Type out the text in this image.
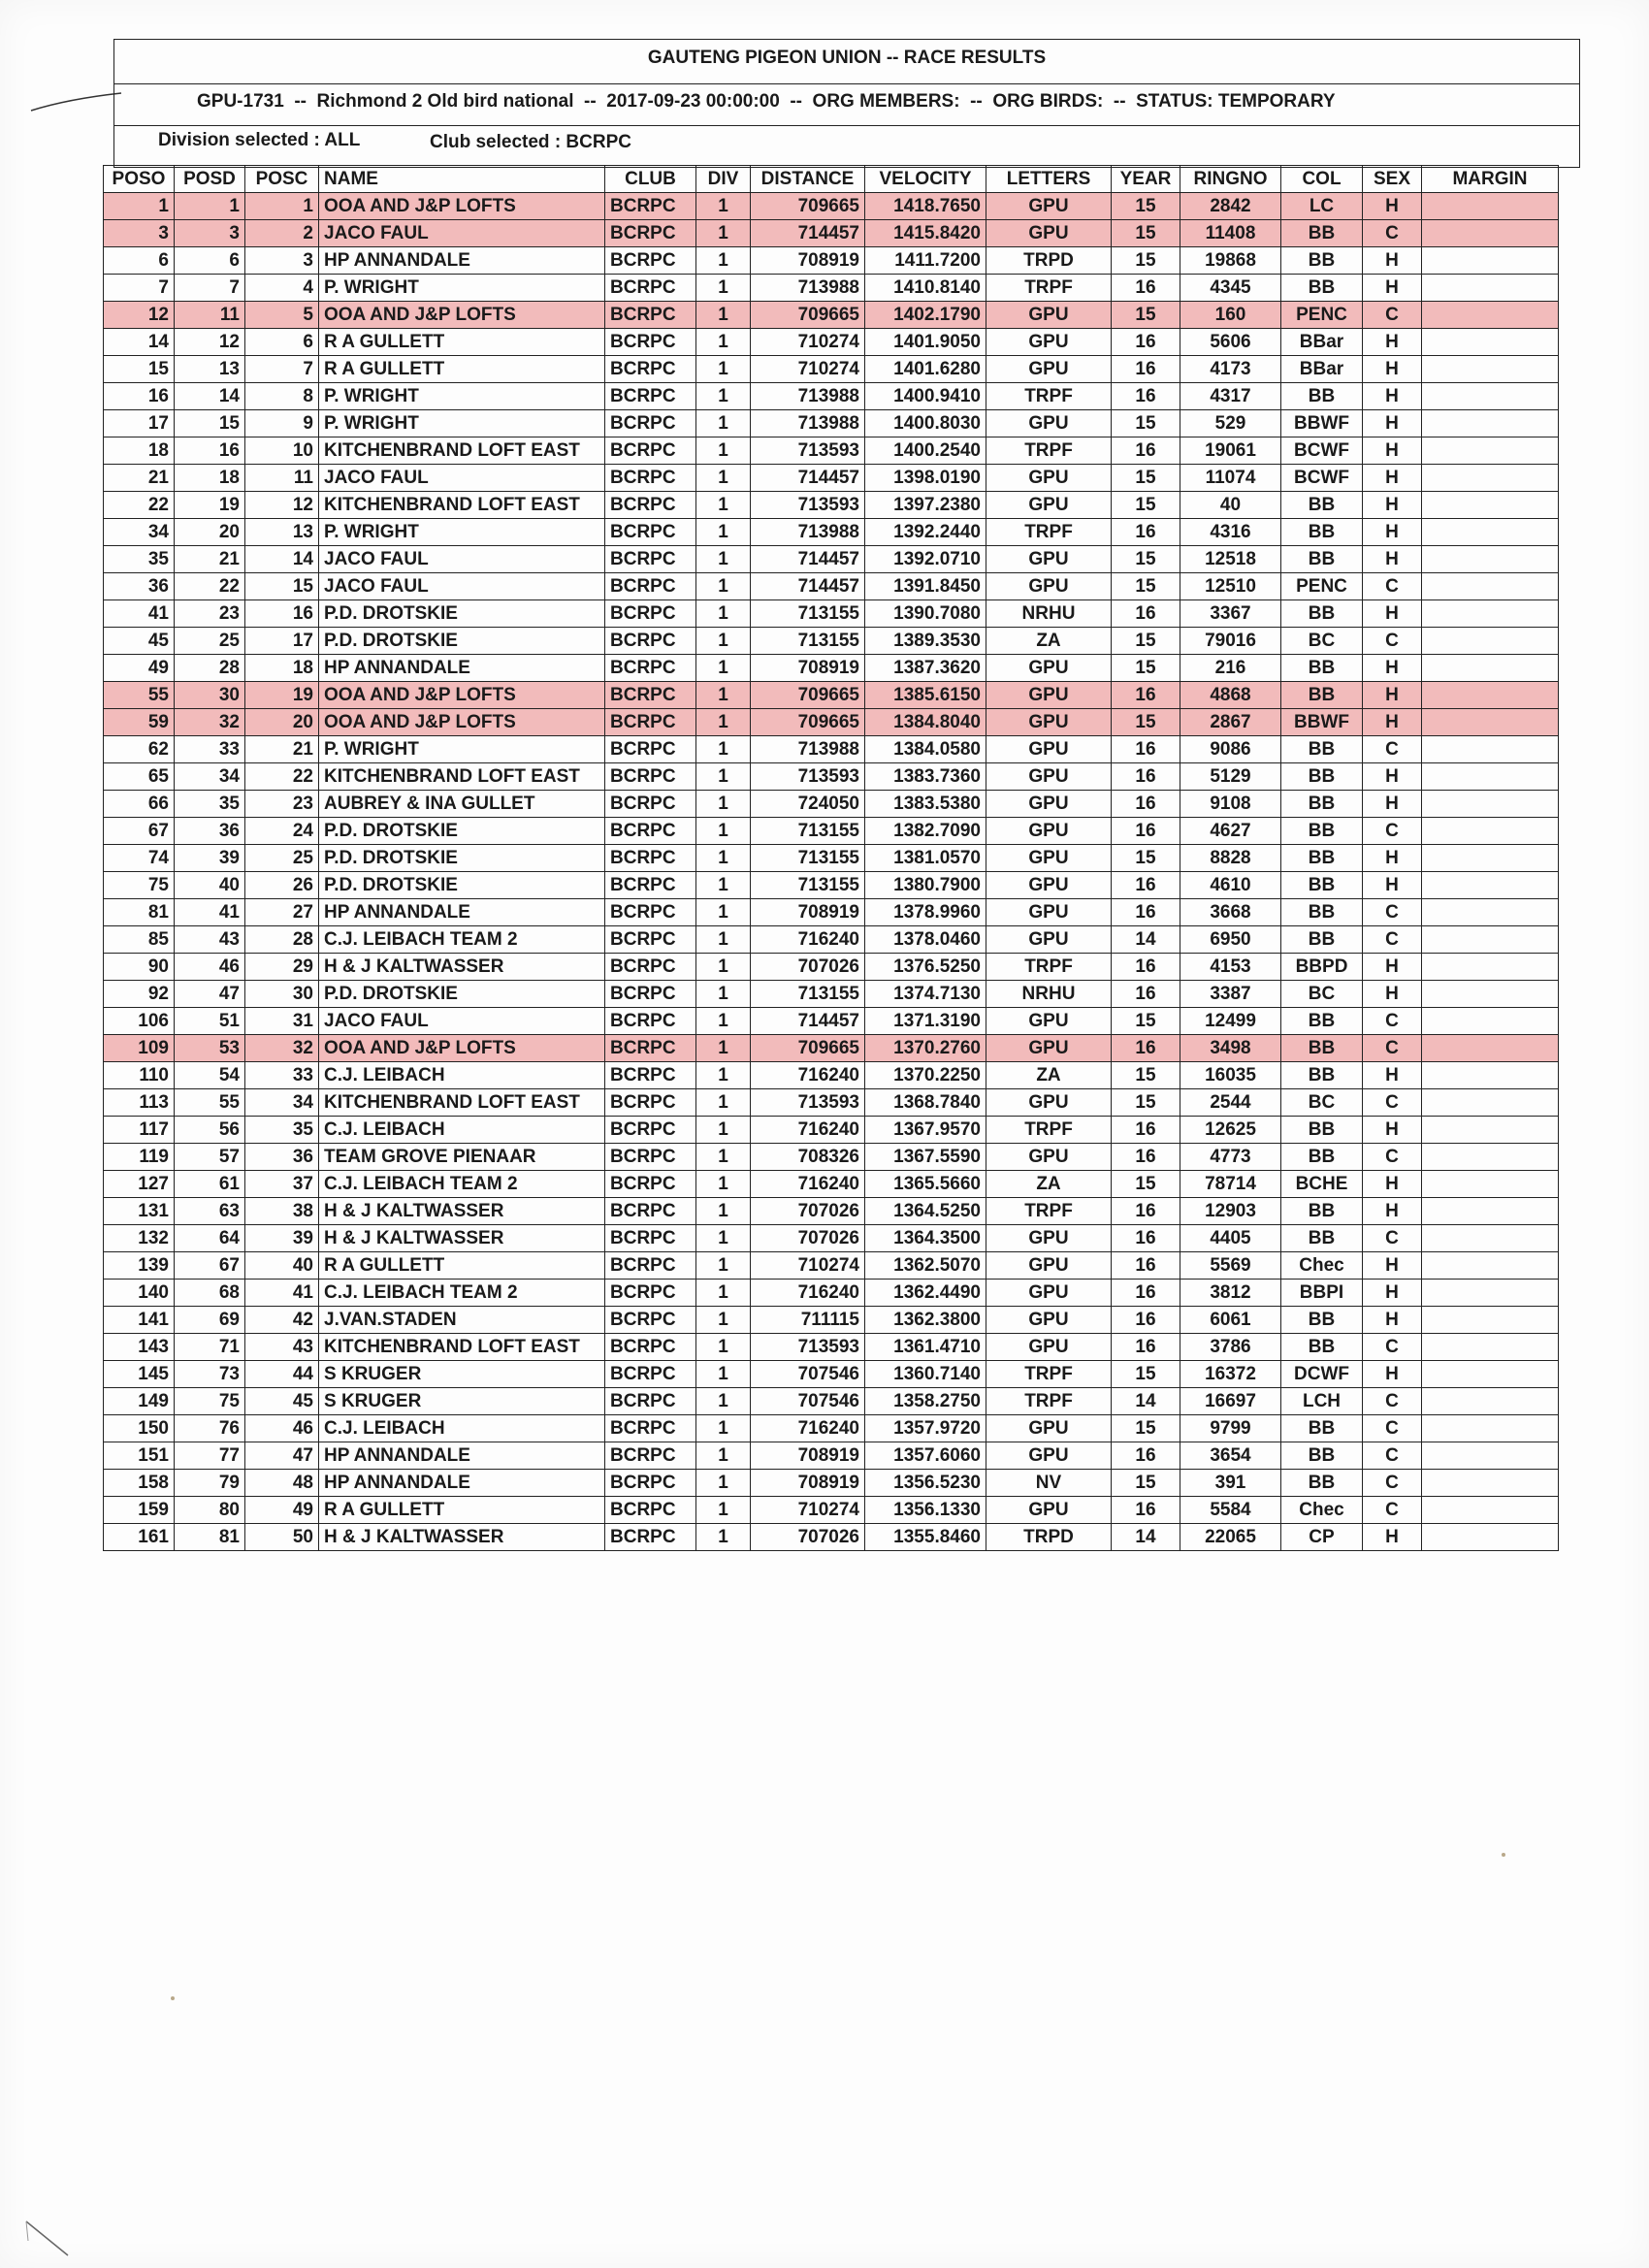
GAUTENG PIGEON UNION -- RACE RESULTS
GPU-1731  --  Richmond 2 Old bird national  --  2017-09-23 00:00:00  --  ORG MEMBERS:  --  ORG BIRDS:  --  STATUS: TEMPORARY
Division selected : ALL	Club selected : BCRPC
POSO	POSD	POSC	NAME	CLUB	DIV	DISTANCE	VELOCITY	LETTERS	YEAR	RINGNO	COL	SEX	MARGIN
1	1	1	OOA AND J&P LOFTS	BCRPC	1	709665	1418.7650	GPU	15	2842	LC	H	
3	3	2	JACO FAUL	BCRPC	1	714457	1415.8420	GPU	15	11408	BB	C	
6	6	3	HP ANNANDALE	BCRPC	1	708919	1411.7200	TRPD	15	19868	BB	H	
7	7	4	P. WRIGHT	BCRPC	1	713988	1410.8140	TRPF	16	4345	BB	H	
12	11	5	OOA AND J&P LOFTS	BCRPC	1	709665	1402.1790	GPU	15	160	PENC	C	
14	12	6	R A GULLETT	BCRPC	1	710274	1401.9050	GPU	16	5606	BBar	H	
15	13	7	R A GULLETT	BCRPC	1	710274	1401.6280	GPU	16	4173	BBar	H	
16	14	8	P. WRIGHT	BCRPC	1	713988	1400.9410	TRPF	16	4317	BB	H	
17	15	9	P. WRIGHT	BCRPC	1	713988	1400.8030	GPU	15	529	BBWF	H	
18	16	10	KITCHENBRAND LOFT EAST	BCRPC	1	713593	1400.2540	TRPF	16	19061	BCWF	H	
21	18	11	JACO FAUL	BCRPC	1	714457	1398.0190	GPU	15	11074	BCWF	H	
22	19	12	KITCHENBRAND LOFT EAST	BCRPC	1	713593	1397.2380	GPU	15	40	BB	H	
34	20	13	P. WRIGHT	BCRPC	1	713988	1392.2440	TRPF	16	4316	BB	H	
35	21	14	JACO FAUL	BCRPC	1	714457	1392.0710	GPU	15	12518	BB	H	
36	22	15	JACO FAUL	BCRPC	1	714457	1391.8450	GPU	15	12510	PENC	C	
41	23	16	P.D. DROTSKIE	BCRPC	1	713155	1390.7080	NRHU	16	3367	BB	H	
45	25	17	P.D. DROTSKIE	BCRPC	1	713155	1389.3530	ZA	15	79016	BC	C	
49	28	18	HP ANNANDALE	BCRPC	1	708919	1387.3620	GPU	15	216	BB	H	
55	30	19	OOA AND J&P LOFTS	BCRPC	1	709665	1385.6150	GPU	16	4868	BB	H	
59	32	20	OOA AND J&P LOFTS	BCRPC	1	709665	1384.8040	GPU	15	2867	BBWF	H	
62	33	21	P. WRIGHT	BCRPC	1	713988	1384.0580	GPU	16	9086	BB	C	
65	34	22	KITCHENBRAND LOFT EAST	BCRPC	1	713593	1383.7360	GPU	16	5129	BB	H	
66	35	23	AUBREY & INA GULLET	BCRPC	1	724050	1383.5380	GPU	16	9108	BB	H	
67	36	24	P.D. DROTSKIE	BCRPC	1	713155	1382.7090	GPU	16	4627	BB	C	
74	39	25	P.D. DROTSKIE	BCRPC	1	713155	1381.0570	GPU	15	8828	BB	H	
75	40	26	P.D. DROTSKIE	BCRPC	1	713155	1380.7900	GPU	16	4610	BB	H	
81	41	27	HP ANNANDALE	BCRPC	1	708919	1378.9960	GPU	16	3668	BB	C	
85	43	28	C.J. LEIBACH TEAM 2	BCRPC	1	716240	1378.0460	GPU	14	6950	BB	C	
90	46	29	H & J KALTWASSER	BCRPC	1	707026	1376.5250	TRPF	16	4153	BBPD	H	
92	47	30	P.D. DROTSKIE	BCRPC	1	713155	1374.7130	NRHU	16	3387	BC	H	
106	51	31	JACO FAUL	BCRPC	1	714457	1371.3190	GPU	15	12499	BB	C	
109	53	32	OOA AND J&P LOFTS	BCRPC	1	709665	1370.2760	GPU	16	3498	BB	C	
110	54	33	C.J. LEIBACH	BCRPC	1	716240	1370.2250	ZA	15	16035	BB	H	
113	55	34	KITCHENBRAND LOFT EAST	BCRPC	1	713593	1368.7840	GPU	15	2544	BC	C	
117	56	35	C.J. LEIBACH	BCRPC	1	716240	1367.9570	TRPF	16	12625	BB	H	
119	57	36	TEAM GROVE PIENAAR	BCRPC	1	708326	1367.5590	GPU	16	4773	BB	C	
127	61	37	C.J. LEIBACH TEAM 2	BCRPC	1	716240	1365.5660	ZA	15	78714	BCHE	H	
131	63	38	H & J KALTWASSER	BCRPC	1	707026	1364.5250	TRPF	16	12903	BB	H	
132	64	39	H & J KALTWASSER	BCRPC	1	707026	1364.3500	GPU	16	4405	BB	C	
139	67	40	R A GULLETT	BCRPC	1	710274	1362.5070	GPU	16	5569	Chec	H	
140	68	41	C.J. LEIBACH TEAM 2	BCRPC	1	716240	1362.4490	GPU	16	3812	BBPI	H	
141	69	42	J.VAN.STADEN	BCRPC	1	711115	1362.3800	GPU	16	6061	BB	H	
143	71	43	KITCHENBRAND LOFT EAST	BCRPC	1	713593	1361.4710	GPU	16	3786	BB	C	
145	73	44	S KRUGER	BCRPC	1	707546	1360.7140	TRPF	15	16372	DCWF	H	
149	75	45	S KRUGER	BCRPC	1	707546	1358.2750	TRPF	14	16697	LCH	C	
150	76	46	C.J. LEIBACH	BCRPC	1	716240	1357.9720	GPU	15	9799	BB	C	
151	77	47	HP ANNANDALE	BCRPC	1	708919	1357.6060	GPU	16	3654	BB	C	
158	79	48	HP ANNANDALE	BCRPC	1	708919	1356.5230	NV	15	391	BB	C	
159	80	49	R A GULLETT	BCRPC	1	710274	1356.1330	GPU	16	5584	Chec	C	
161	81	50	H & J KALTWASSER	BCRPC	1	707026	1355.8460	TRPD	14	22065	CP	H	
